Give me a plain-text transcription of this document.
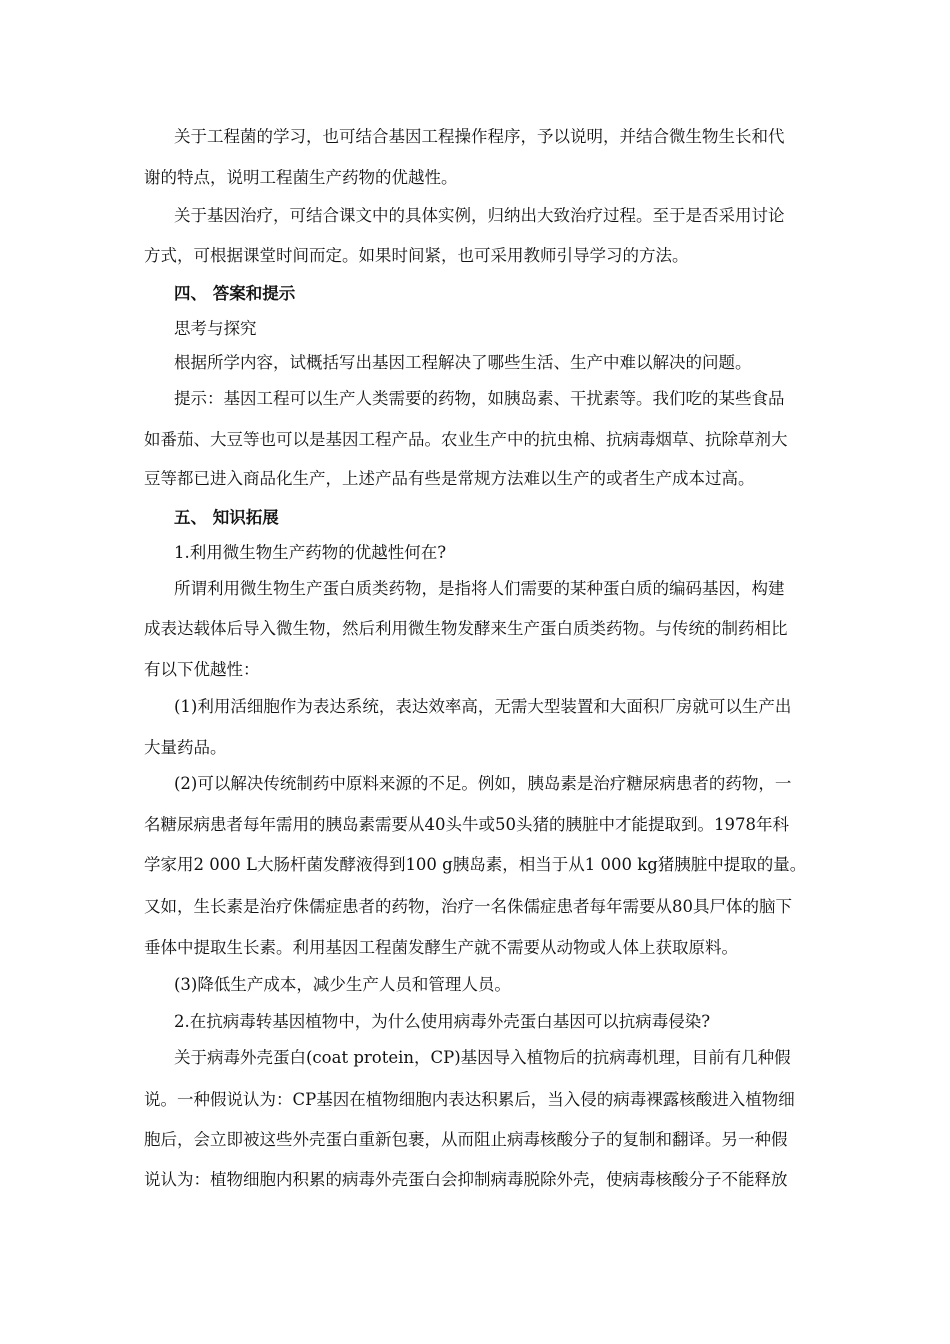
关于工程菌的学习，也可结合基因工程操作程序，予以说明，并结合微生物生长和代
谢的特点，说明工程菌生产药物的优越性。
关于基因治疗，可结合课文中的具体实例，归纳出大致治疗过程。至于是否采用讨论
方式，可根据课堂时间而定。如果时间紧，也可采用教师引导学习的方法。
四、 答案和提示
思考与探究
根据所学内容，试概括写出基因工程解决了哪些生活、生产中难以解决的问题。
提示：基因工程可以生产人类需要的药物，如胰岛素、干扰素等。我们吃的某些食品
如番茄、大豆等也可以是基因工程产品。农业生产中的抗虫棉、抗病毒烟草、抗除草剂大
豆等都已进入商品化生产，上述产品有些是常规方法难以生产的或者生产成本过高。
五、 知识拓展
1.利用微生物生产药物的优越性何在?
所谓利用微生物生产蛋白质类药物，是指将人们需要的某种蛋白质的编码基因，构建
成表达载体后导入微生物，然后利用微生物发酵来生产蛋白质类药物。与传统的制药相比
有以下优越性：
(1)利用活细胞作为表达系统，表达效率高，无需大型装置和大面积厂房就可以生产出
大量药品。
(2)可以解决传统制药中原料来源的不足。例如，胰岛素是治疗糖尿病患者的药物，一
名糖尿病患者每年需用的胰岛素需要从40头牛或50头猪的胰脏中才能提取到。1978年科
学家用2 000 L大肠杆菌发酵液得到100 g胰岛素，相当于从1 000 kg猪胰脏中提取的量。
又如，生长素是治疗侏儒症患者的药物，治疗一名侏儒症患者每年需要从80具尸体的脑下
垂体中提取生长素。利用基因工程菌发酵生产就不需要从动物或人体上获取原料。
(3)降低生产成本，减少生产人员和管理人员。
2.在抗病毒转基因植物中，为什么使用病毒外壳蛋白基因可以抗病毒侵染?
关于病毒外壳蛋白(coat protein，CP)基因导入植物后的抗病毒机理，目前有几种假
说。一种假说认为：CP基因在植物细胞内表达积累后，当入侵的病毒裸露核酸进入植物细
胞后，会立即被这些外壳蛋白重新包裹，从而阻止病毒核酸分子的复制和翻译。另一种假
说认为：植物细胞内积累的病毒外壳蛋白会抑制病毒脱除外壳，使病毒核酸分子不能释放
